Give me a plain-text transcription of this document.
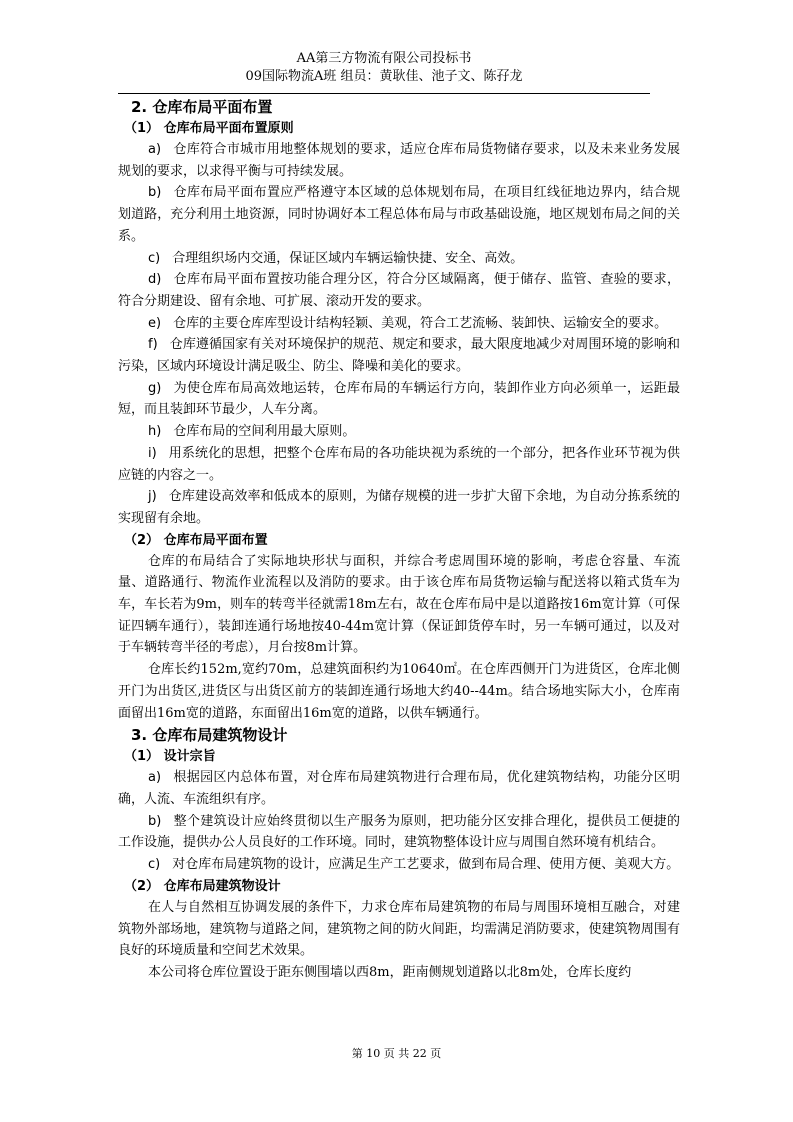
AA第三方物流有限公司投标书
09国际物流A班 组员：黄耿佳、池子文、陈孖龙
2. 仓库布局平面布置
（1） 仓库布局平面布置原则

a) 仓库符合市城市用地整体规划的要求，适应仓库布局货物储存要求，以及未来业务发展规划的要求，以求得平衡与可持续发展。

b) 仓库布局平面布置应严格遵守本区域的总体规划布局，在项目红线征地边界内，结合规划道路，充分利用土地资源，同时协调好本工程总体布局与市政基础设施，地区规划布局之间的关系。

c) 合理组织场内交通，保证区域内车辆运输快捷、安全、高效。

d) 仓库布局平面布置按功能合理分区，符合分区域隔离，便于储存、监管、查验的要求，符合分期建设、留有余地、可扩展、滚动开发的要求。

e) 仓库的主要仓库库型设计结构轻颖、美观，符合工艺流畅、装卸快、运输安全的要求。

f) 仓库遵循国家有关对环境保护的规范、规定和要求，最大限度地减少对周围环境的影响和污染，区域内环境设计满足吸尘、防尘、降噪和美化的要求。

g) 为使仓库布局高效地运转，仓库布局的车辆运行方向，装卸作业方向必须单一，运距最短，而且装卸环节最少，人车分离。

h) 仓库布局的空间利用最大原则。

i) 用系统化的思想，把整个仓库布局的各功能块视为系统的一个部分，把各作业环节视为供应链的内容之一。

j) 仓库建设高效率和低成本的原则，为储存规模的进一步扩大留下余地，为自动分拣系统的实现留有余地。

（2） 仓库布局平面布置

仓库的布局结合了实际地块形状与面积，并综合考虑周围环境的影响，考虑仓容量、车流量、道路通行、物流作业流程以及消防的要求。由于该仓库布局货物运输与配送将以箱式货车为车，车长若为9m，则车的转弯半径就需18m左右，故在仓库布局中是以道路按16m宽计算（可保证四辆车通行），装卸连通行场地按40-44m宽计算（保证卸货停车时，另一车辆可通过，以及对于车辆转弯半径的考虑），月台按8m计算。

仓库长约152m,宽约70m，总建筑面积约为10640㎡。在仓库西侧开门为进货区，仓库北侧开门为出货区,进货区与出货区前方的装卸连通行场地大约40--44m。结合场地实际大小，仓库南面留出16m宽的道路，东面留出16m宽的道路，以供车辆通行。

3. 仓库布局建筑物设计
（1） 设计宗旨

a) 根据园区内总体布置，对仓库布局建筑物进行合理布局，优化建筑物结构，功能分区明确，人流、车流组织有序。

b) 整个建筑设计应始终贯彻以生产服务为原则，把功能分区安排合理化，提供员工便捷的工作设施，提供办公人员良好的工作环境。同时，建筑物整体设计应与周围自然环境有机结合。

c) 对仓库布局建筑物的设计，应满足生产工艺要求，做到布局合理、使用方便、美观大方。

（2） 仓库布局建筑物设计

在人与自然相互协调发展的条件下，力求仓库布局建筑物的布局与周围环境相互融合，对建筑物外部场地，建筑物与道路之间，建筑物之间的防火间距，均需满足消防要求，使建筑物周围有良好的环境质量和空间艺术效果。

本公司将仓库位置设于距东侧围墙以西8m，距南侧规划道路以北8m处，仓库长度约

第 10 页 共 22 页
